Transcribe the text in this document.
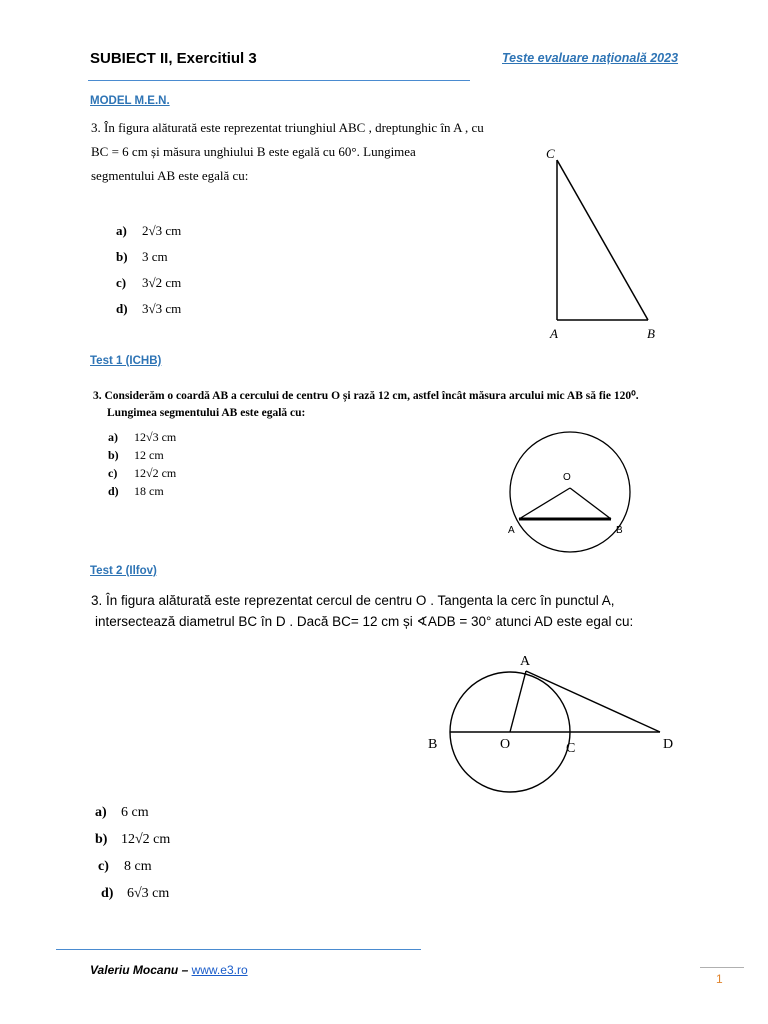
SUBIECT II, Exercitiul 3	Teste evaluare națională 2023
MODEL M.E.N.
3. În figura alăturată este reprezentat triunghiul ABC , dreptunghic în A , cu
BC = 6 cm și măsura unghiului B este egală cu 60°. Lungimea
segmentului AB este egală cu:
a) 2√3 cm
b) 3 cm
c) 3√2 cm
d) 3√3 cm
C
A	B
Test 1 (ICHB)
3. Considerăm o coardă AB a cercului de centru O și rază 12 cm, astfel încât măsura arcului mic AB să fie 120⁰.
Lungimea segmentului AB este egală cu:
a) 12√3 cm
b) 12 cm
c) 12√2 cm
d) 18 cm
O
A	B
Test 2 (Ilfov)
3. În figura alăturată este reprezentat cercul de centru O . Tangenta la cerc în punctul A,
intersectează diametrul BC în D . Dacă BC= 12 cm și ∢ADB = 30° atunci AD este egal cu:
A
B	O	C	D
a) 6 cm
b) 12√2 cm
c) 8 cm
d) 6√3 cm
Valeriu Mocanu – www.e3.ro
1
